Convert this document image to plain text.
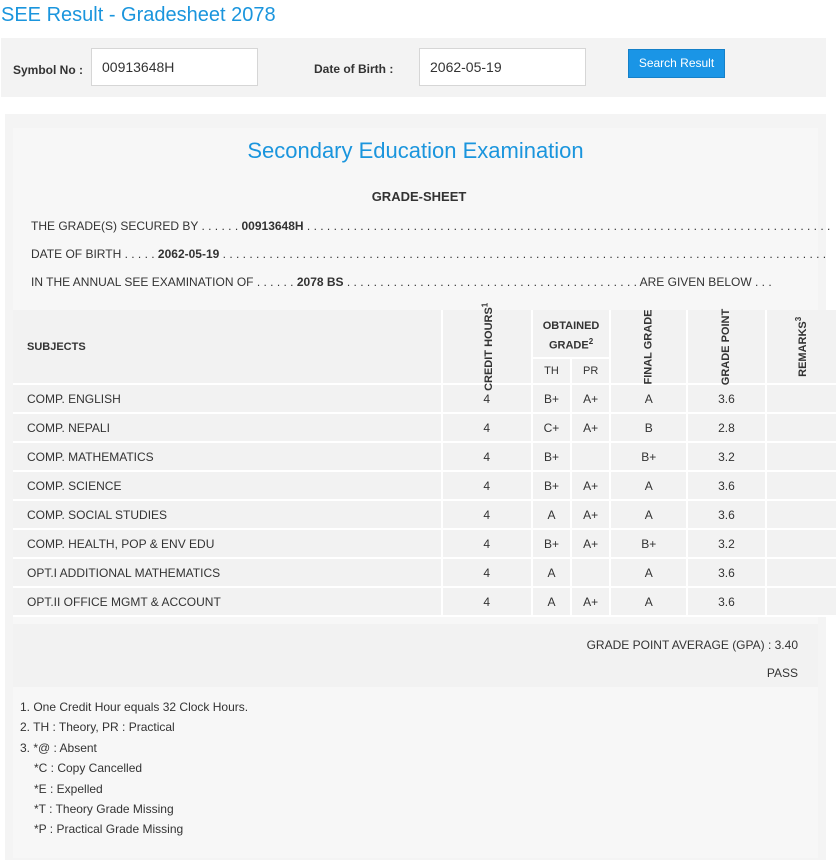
SEE Result - Gradesheet 2078
Symbol No :
00913648H	Date of Birth :
2062-05-19	Search Result
Secondary Education Examination
GRADE-SHEET
THE GRADE(S) SECURED BY . . . . . . 00913648H . . . . . . . . . . . . . . . . . . . . . . . . . . . . . . . . . . . . . . . . . . . . . . . . . . . . . . . . . . . . . . . . . . . . . . . . . . . . . . .
DATE OF BIRTH . . . . . 2062-05-19 . . . . . . . . . . . . . . . . . . . . . . . . . . . . . . . . . . . . . . . . . . . . . . . . . . . . . . . . . . . . . . . . . . . . . . . . . . . . . . . . . . . . . . . . . . .
IN THE ANNUAL SEE EXAMINATION OF . . . . . . 2078 BS . . . . . . . . . . . . . . . . . . . . . . . . . . . . . . . . . . . . . . . . . . . . ARE GIVEN BELOW . . .
SUBJECTS	CREDIT HOURS$^1$	OBTAINED GRADE$^2$		FINAL GRADE	GRADE POINT	REMARKS$^3$
		TH	PR			
COMP. ENGLISH	4	B+	A+	A	3.6	
COMP. NEPALI	4	C+	A+	B	2.8	
COMP. MATHEMATICS	4	B+		B+	3.2	
COMP. SCIENCE	4	B+	A+	A	3.6	
COMP. SOCIAL STUDIES	4	A	A+	A	3.6	
COMP. HEALTH, POP & ENV EDU	4	B+	A+	B+	3.2	
OPT.I ADDITIONAL MATHEMATICS	4	A		A	3.6	
OPT.II OFFICE MGMT & ACCOUNT	4	A	A+	A	3.6	
GRADE POINT AVERAGE (GPA) : 3.40
PASS
1. One Credit Hour equals 32 Clock Hours.
2. TH : Theory, PR : Practical
3. *@ : Absent
*C : Copy Cancelled
*E : Expelled
*T : Theory Grade Missing
*P : Practical Grade Missing
